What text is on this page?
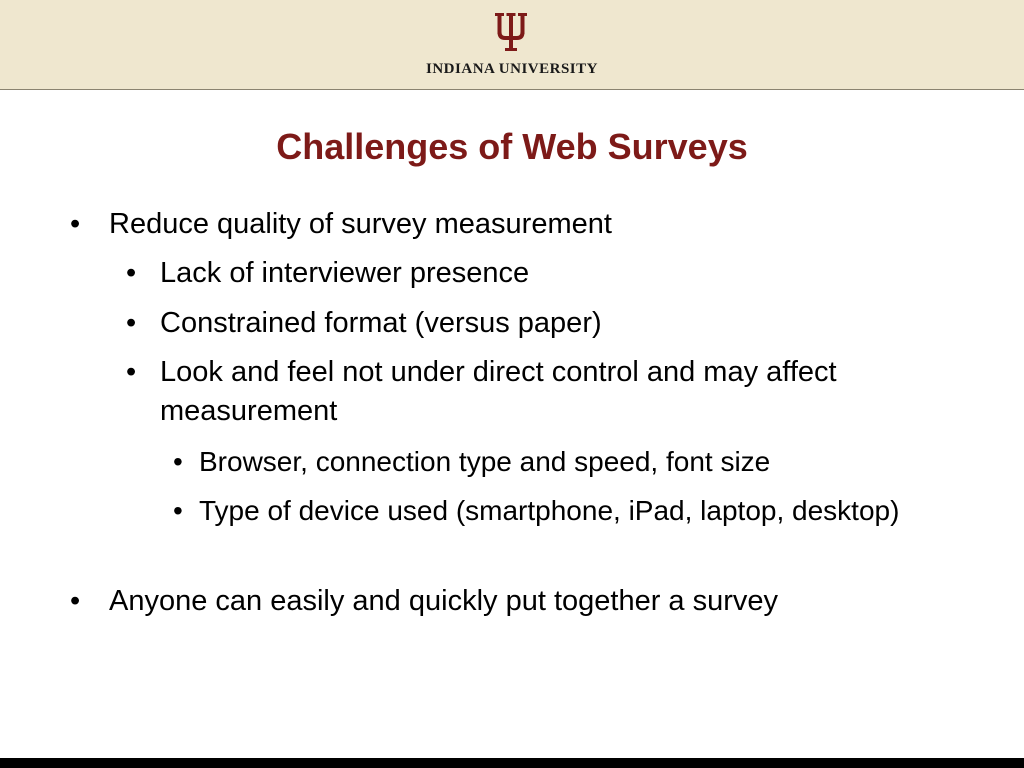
INDIANA UNIVERSITY
Challenges of Web Surveys
• Reduce quality of survey measurement
• Lack of interviewer presence
• Constrained format (versus paper)
• Look and feel not under direct control and may affect measurement
• Browser, connection type and speed, font size
• Type of device used (smartphone, iPad, laptop, desktop)
• Anyone can easily and quickly put together a survey
